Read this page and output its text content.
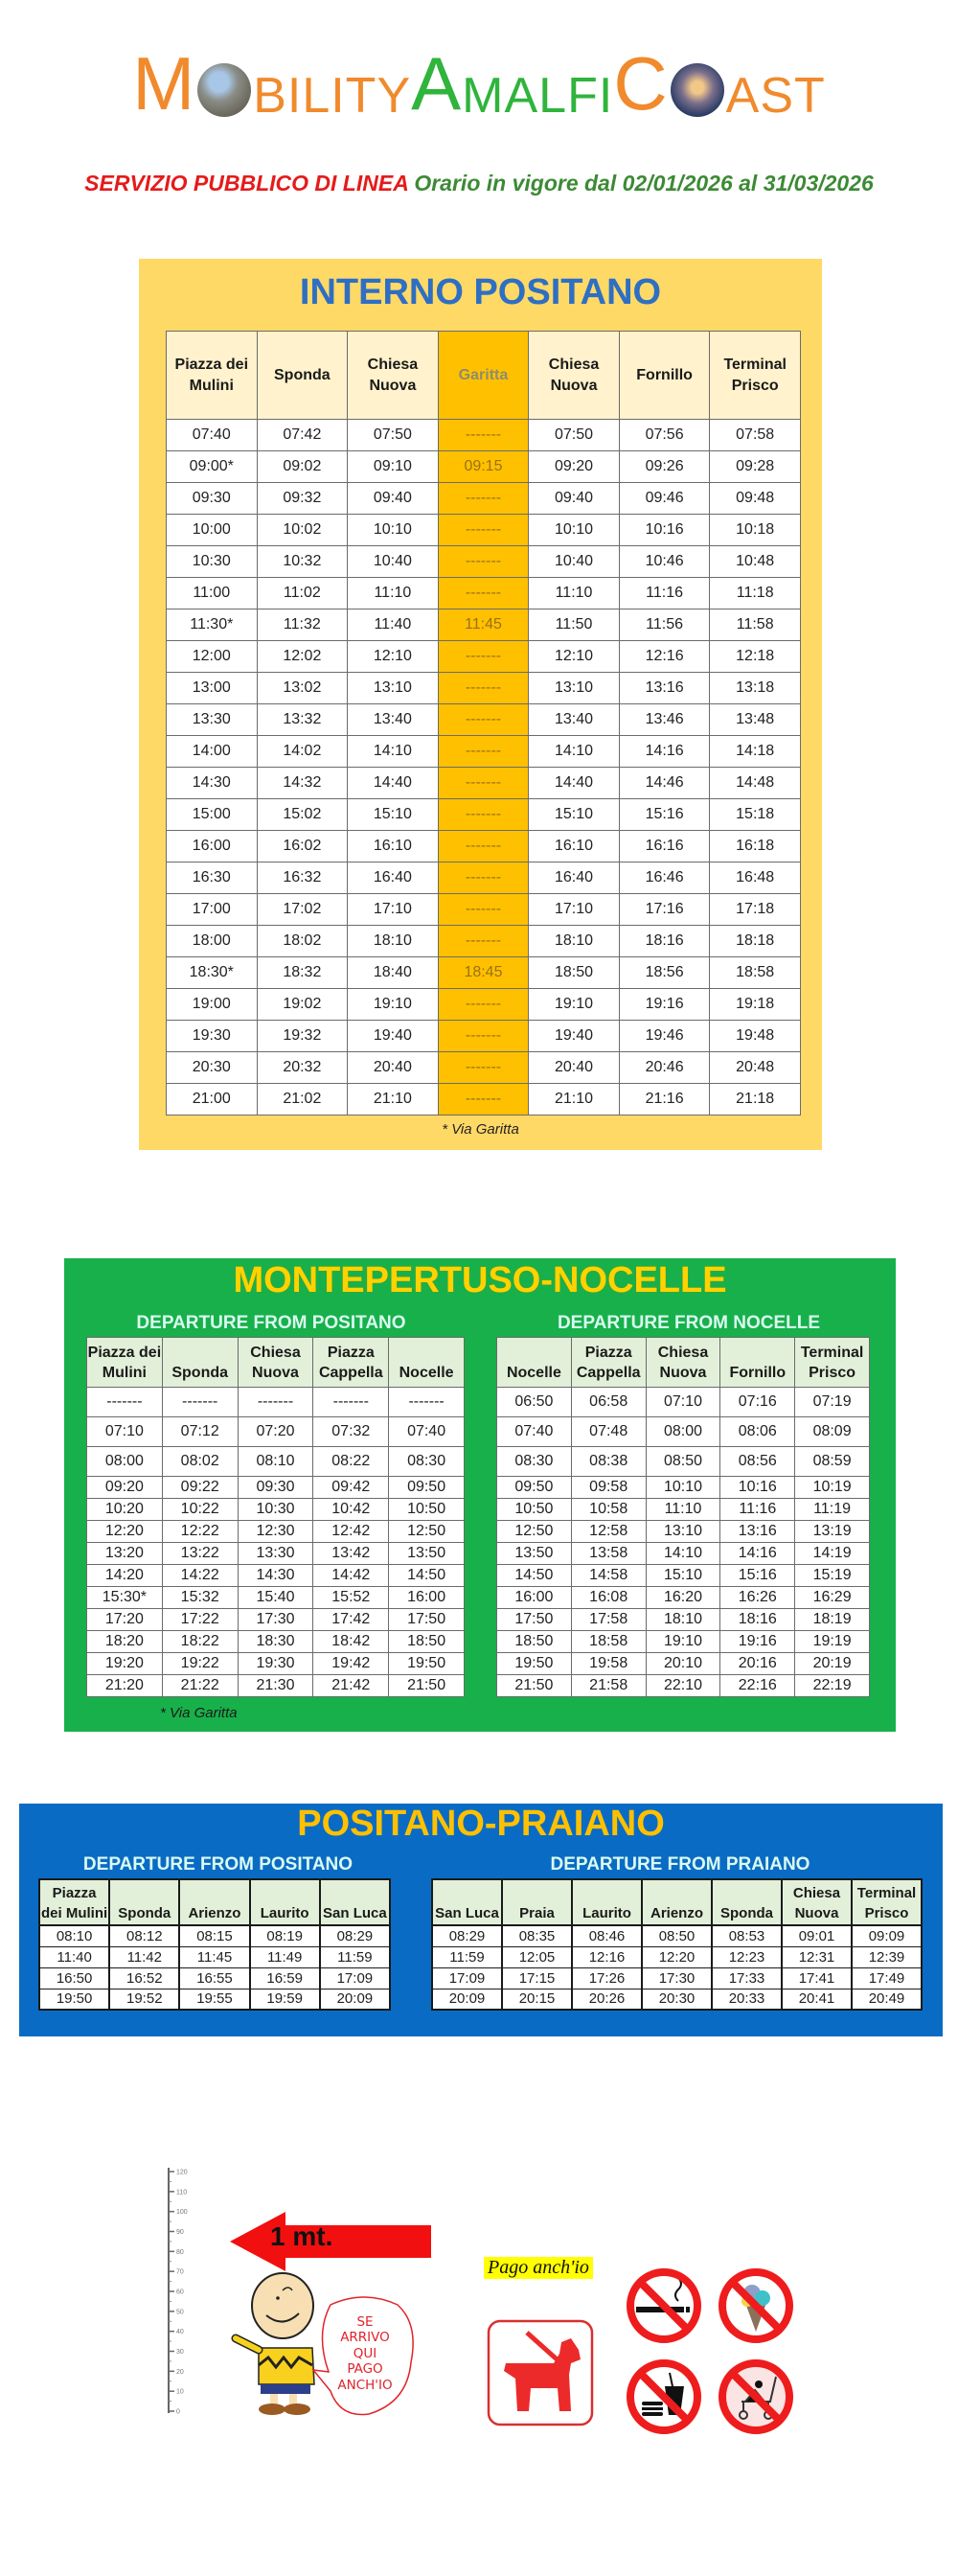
M BILITY A MALFI C AST
SERVIZIO PUBBLICO DI LINEA Orario in vigore dal 02/01/2026 al 31/03/2026
INTERNO POSITANO
Piazza dei Mulini	Sponda	Chiesa Nuova	Garitta	Chiesa Nuova	Fornillo	Terminal Prisco
07:40	07:42	07:50	-------	07:50	07:56	07:58
09:00*	09:02	09:10	09:15	09:20	09:26	09:28
09:30	09:32	09:40	-------	09:40	09:46	09:48
10:00	10:02	10:10	-------	10:10	10:16	10:18
10:30	10:32	10:40	-------	10:40	10:46	10:48
11:00	11:02	11:10	-------	11:10	11:16	11:18
11:30*	11:32	11:40	11:45	11:50	11:56	11:58
12:00	12:02	12:10	-------	12:10	12:16	12:18
13:00	13:02	13:10	-------	13:10	13:16	13:18
13:30	13:32	13:40	-------	13:40	13:46	13:48
14:00	14:02	14:10	-------	14:10	14:16	14:18
14:30	14:32	14:40	-------	14:40	14:46	14:48
15:00	15:02	15:10	-------	15:10	15:16	15:18
16:00	16:02	16:10	-------	16:10	16:16	16:18
16:30	16:32	16:40	-------	16:40	16:46	16:48
17:00	17:02	17:10	-------	17:10	17:16	17:18
18:00	18:02	18:10	-------	18:10	18:16	18:18
18:30*	18:32	18:40	18:45	18:50	18:56	18:58
19:00	19:02	19:10	-------	19:10	19:16	19:18
19:30	19:32	19:40	-------	19:40	19:46	19:48
20:30	20:32	20:40	-------	20:40	20:46	20:48
21:00	21:02	21:10	-------	21:10	21:16	21:18
* Via Garitta
MONTEPERTUSO-NOCELLE
DEPARTURE FROM POSITANO	DEPARTURE FROM NOCELLE
Piazza dei Mulini	Sponda	Chiesa Nuova	Piazza Cappella	Nocelle
-------	-------	-------	-------	-------
07:10	07:12	07:20	07:32	07:40
08:00	08:02	08:10	08:22	08:30
09:20	09:22	09:30	09:42	09:50
10:20	10:22	10:30	10:42	10:50
12:20	12:22	12:30	12:42	12:50
13:20	13:22	13:30	13:42	13:50
14:20	14:22	14:30	14:42	14:50
15:30*	15:32	15:40	15:52	16:00
17:20	17:22	17:30	17:42	17:50
18:20	18:22	18:30	18:42	18:50
19:20	19:22	19:30	19:42	19:50
21:20	21:22	21:30	21:42	21:50
Nocelle	Piazza Cappella	Chiesa Nuova	Fornillo	Terminal Prisco
06:50	06:58	07:10	07:16	07:19
07:40	07:48	08:00	08:06	08:09
08:30	08:38	08:50	08:56	08:59
09:50	09:58	10:10	10:16	10:19
10:50	10:58	11:10	11:16	11:19
12:50	12:58	13:10	13:16	13:19
13:50	13:58	14:10	14:16	14:19
14:50	14:58	15:10	15:16	15:19
16:00	16:08	16:20	16:26	16:29
17:50	17:58	18:10	18:16	18:19
18:50	18:58	19:10	19:16	19:19
19:50	19:58	20:10	20:16	20:19
21:50	21:58	22:10	22:16	22:19
* Via Garitta
POSITANO-PRAIANO
DEPARTURE FROM POSITANO	DEPARTURE FROM PRAIANO
Piazza dei Mulini	Sponda	Arienzo	Laurito	San Luca
08:10	08:12	08:15	08:19	08:29
11:40	11:42	11:45	11:49	11:59
16:50	16:52	16:55	16:59	17:09
19:50	19:52	19:55	19:59	20:09
San Luca	Praia	Laurito	Arienzo	Sponda	Chiesa Nuova	Terminal Prisco
08:29	08:35	08:46	08:50	08:53	09:01	09:09
11:59	12:05	12:16	12:20	12:23	12:31	12:39
17:09	17:15	17:26	17:30	17:33	17:41	17:49
20:09	20:15	20:26	20:30	20:33	20:41	20:49
120
110
100
90
80
70
60
50
40
30
20
10
0
1 mt.
SE
ARRIVO
QUI
PAGO
ANCH'IO
Pago anch'io
